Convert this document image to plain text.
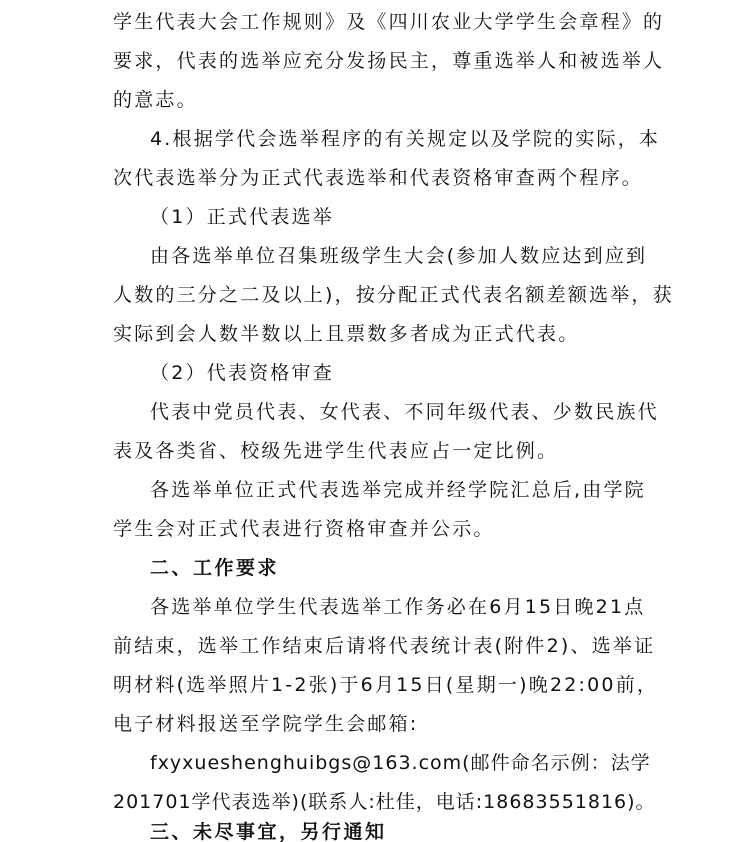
学生代表大会工作规则》及《四川农业大学学生会章程》的
要求，代表的选举应充分发扬民主，尊重选举人和被选举人
的意志。
4.根据学代会选举程序的有关规定以及学院的实际，本
次代表选举分为正式代表选举和代表资格审查两个程序。
（1）正式代表选举
由各选举单位召集班级学生大会(参加人数应达到应到
人数的三分之二及以上)，按分配正式代表名额差额选举，获
实际到会人数半数以上且票数多者成为正式代表。
（2）代表资格审查
代表中党员代表、女代表、不同年级代表、少数民族代
表及各类省、校级先进学生代表应占一定比例。
各选举单位正式代表选举完成并经学院汇总后,由学院
学生会对正式代表进行资格审查并公示。
二、工作要求
各选举单位学生代表选举工作务必在6月15日晚21点
前结束，选举工作结束后请将代表统计表(附件2)、选举证
明材料(选举照片1-2张)于6月15日(星期一)晚22:00前，
电子材料报送至学院学生会邮箱:
fxyxueshenghuibgs@163.com(邮件命名示例：法学
201701学代表选举)(联系人:杜佳，电话:18683551816)。
三、未尽事宜，另行通知
